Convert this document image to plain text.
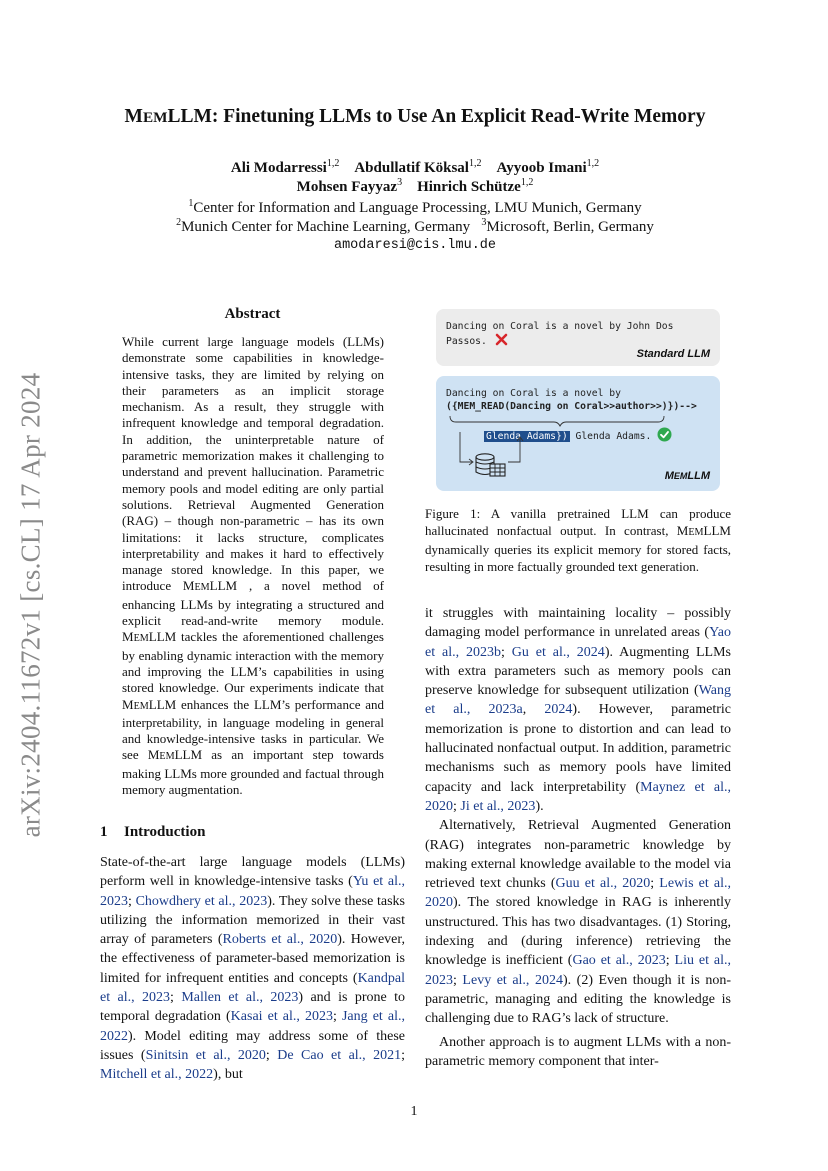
arXiv:2404.11672v1 [cs.CL] 17 Apr 2024
MEMLLM: Finetuning LLMs to Use An Explicit Read-Write Memory
Ali Modarressi$^{1,2}$ Abdullatif Köksal$^{1,2}$ Ayyoob Imani$^{1,2}$
Mohsen Fayyaz$^3$ Hinrich Schütze$^{1,2}$
$^1$Center for Information and Language Processing, LMU Munich, Germany
$^2$Munich Center for Machine Learning, Germany $^3$Microsoft, Berlin, Germany
amodaresi@cis.lmu.de
Abstract
While current large language models (LLMs) demonstrate some capabilities in knowledge-intensive tasks, they are limited by relying on their parameters as an implicit storage mechanism. As a result, they struggle with infrequent knowledge and temporal degradation. In addition, the uninterpretable nature of parametric memorization makes it challenging to understand and prevent hallucination. Parametric memory pools and model editing are only partial solutions. Retrieval Augmented Generation (RAG) – though non-parametric – has its own limitations: it lacks structure, complicates interpretability and makes it hard to effectively manage stored knowledge. In this paper, we introduce MEMLLM , a novel method of enhancing LLMs by integrating a structured and explicit read-and-write memory module. MEMLLM tackles the aforementioned challenges by enabling dynamic interaction with the memory and improving the LLM’s capabilities in using stored knowledge. Our experiments indicate that MEMLLM enhances the LLM’s performance and interpretability, in language modeling in general and knowledge-intensive tasks in particular. We see MEMLLM as an important step towards making LLMs more grounded and factual through memory augmentation.
1 Introduction

State-of-the-art large language models (LLMs) perform well in knowledge-intensive tasks (Yu et al., 2023; Chowdhery et al., 2023). They solve these tasks utilizing the information memorized in their vast array of parameters (Roberts et al., 2020). However, the effectiveness of parameter-based memorization is limited for infrequent entities and concepts (Kandpal et al., 2023; Mallen et al., 2023) and is prone to temporal degradation (Kasai et al., 2023; Jang et al., 2022). Model editing may address some of these issues (Sinitsin et al., 2020; De Cao et al., 2021; Mitchell et al., 2022), but

Dancing on Coral is a novel by John Dos
Passos.
Standard LLM
Dancing on Coral is a novel by
({MEM_READ(Dancing on Coral>>author>>)})-->
Glenda Adams}) Glenda Adams.
MEMLLM
Figure 1: A vanilla pretrained LLM can produce hallucinated nonfactual output. In contrast, MEMLLM dynamically queries its explicit memory for stored facts, resulting in more factually grounded text generation.

it struggles with maintaining locality – possibly damaging model performance in unrelated areas (Yao et al., 2023b; Gu et al., 2024). Augmenting LLMs with extra parameters such as memory pools can preserve knowledge for subsequent utilization (Wang et al., 2023a, 2024). However, parametric memorization is prone to distortion and can lead to hallucinated nonfactual output. In addition, parametric mechanisms such as memory pools have limited capacity and lack interpretability (Maynez et al., 2020; Ji et al., 2023).

Alternatively, Retrieval Augmented Generation (RAG) integrates non-parametric knowledge by making external knowledge available to the model via retrieved text chunks (Guu et al., 2020; Lewis et al., 2020). The stored knowledge in RAG is inherently unstructured. This has two disadvantages. (1) Storing, indexing and (during inference) retrieving the knowledge is inefficient (Gao et al., 2023; Liu et al., 2023; Levy et al., 2024). (2) Even though it is non-parametric, managing and editing the knowledge is challenging due to RAG’s lack of structure.

Another approach is to augment LLMs with a non-parametric memory component that inter-

1
